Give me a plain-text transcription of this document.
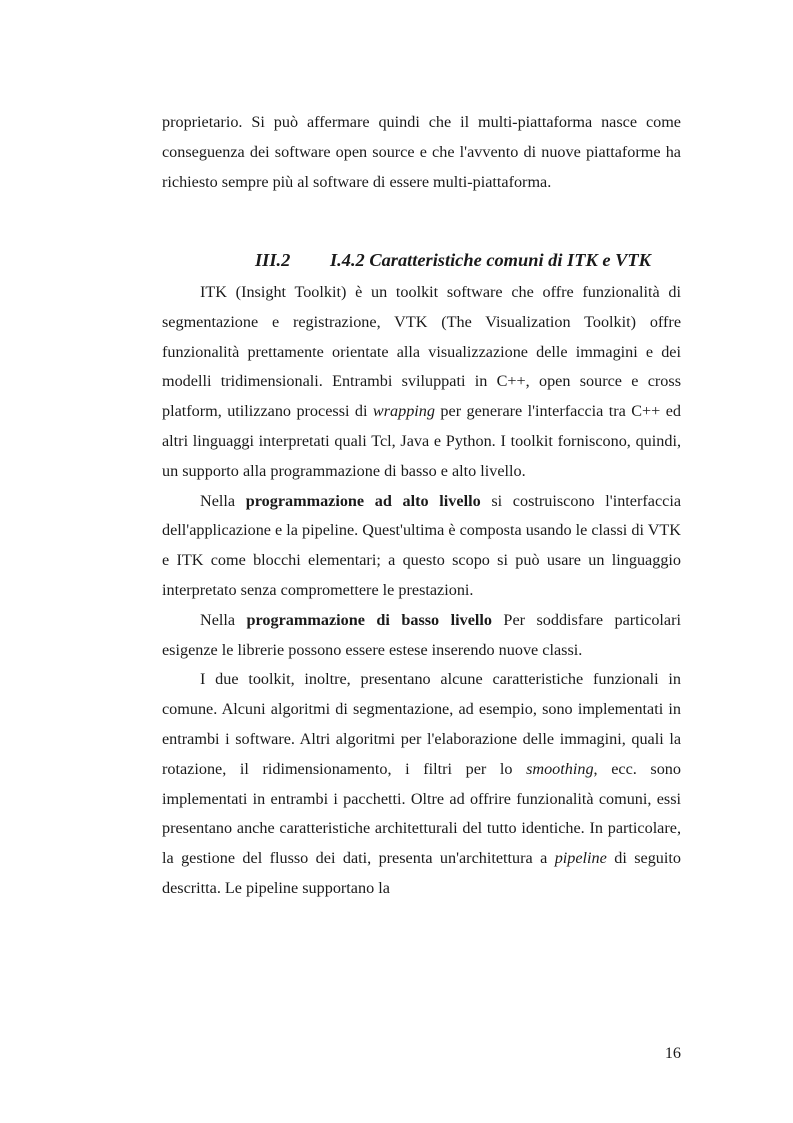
proprietario. Si può affermare quindi che il multi-piattaforma nasce come conseguenza dei software open source e che l'avvento di nuove piattaforme ha richiesto sempre più al software di essere multi-piattaforma.

III.2 I.4.2 Caratteristiche comuni di ITK e VTK

ITK (Insight Toolkit) è un toolkit software che offre funzionalità di segmentazione e registrazione, VTK (The Visualization Toolkit) offre funzionalità prettamente orientate alla visualizzazione delle immagini e dei modelli tridimensionali. Entrambi sviluppati in C++, open source e cross platform, utilizzano processi di wrapping per generare l'interfaccia tra C++ ed altri linguaggi interpretati quali Tcl, Java e Python. I toolkit forniscono, quindi, un supporto alla programmazione di basso e alto livello.

Nella programmazione ad alto livello si costruiscono l'interfaccia dell'applicazione e la pipeline. Quest'ultima è composta usando le classi di VTK e ITK come blocchi elementari; a questo scopo si può usare un linguaggio interpretato senza compromettere le prestazioni.

Nella programmazione di basso livello Per soddisfare particolari esigenze le librerie possono essere estese inserendo nuove classi.

I due toolkit, inoltre, presentano alcune caratteristiche funzionali in comune. Alcuni algoritmi di segmentazione, ad esempio, sono implementati in entrambi i software. Altri algoritmi per l'elaborazione delle immagini, quali la rotazione, il ridimensionamento, i filtri per lo smoothing, ecc. sono implementati in entrambi i pacchetti. Oltre ad offrire funzionalità comuni, essi presentano anche caratteristiche architetturali del tutto identiche. In particolare, la gestione del flusso dei dati, presenta un'architettura a pipeline di seguito descritta. Le pipeline supportano la

16
